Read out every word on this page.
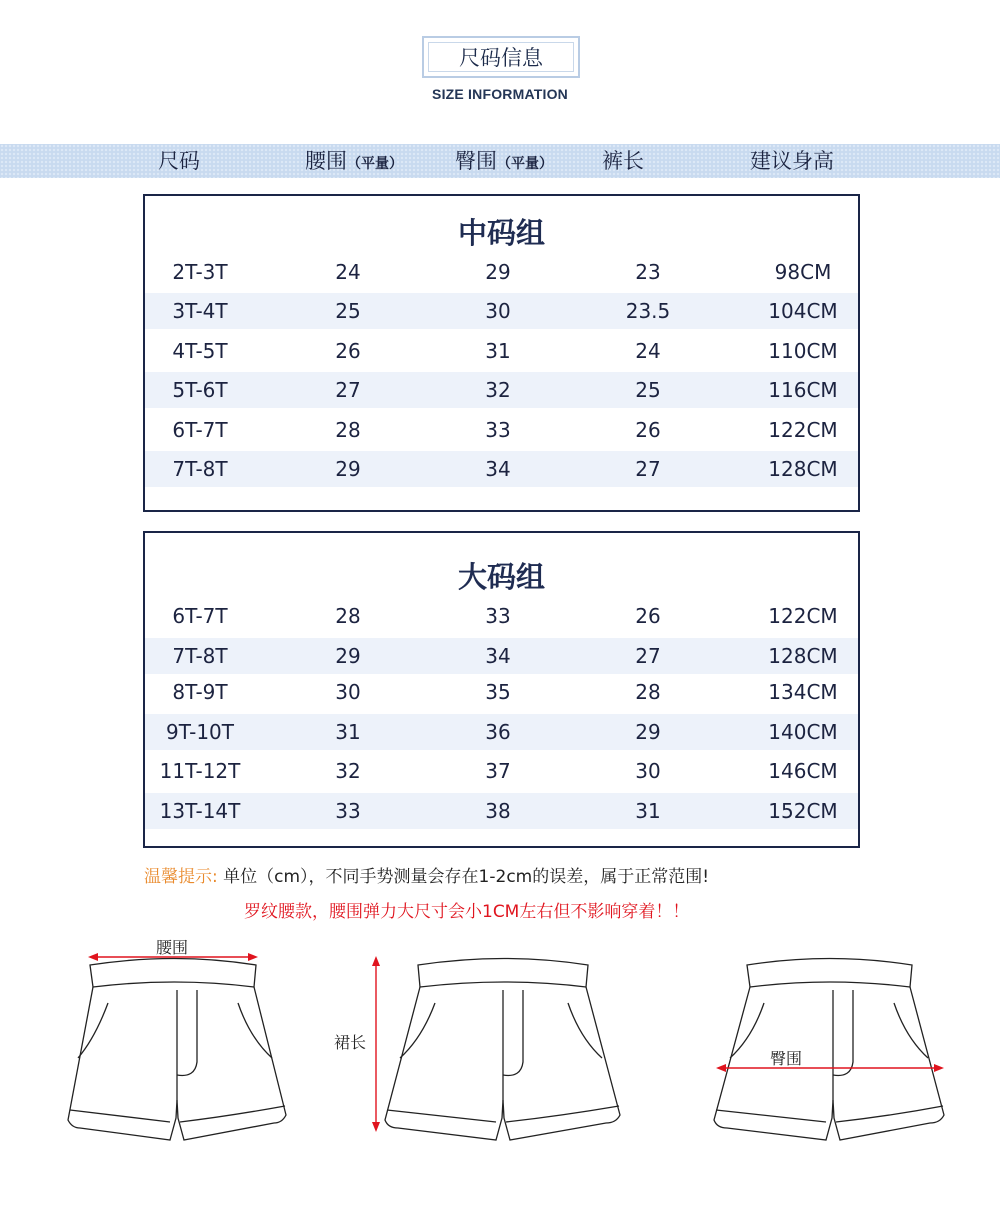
尺码信息
SIZE INFORMATION
尺码	腰围（平量） 臀围（平量） 裤长	建议身高
中码组
2T-3T	24	29	23	98CM
3T-4T	25	30	23.5	104CM
4T-5T	26	31	24	110CM
5T-6T	27	32	25	116CM
6T-7T	28	33	26	122CM
7T-8T	29	34	27	128CM
大码组
6T-7T	28	33	26	122CM
7T-8T	29	34	27	128CM
8T-9T	30	35	28	134CM
9T-10T	31	36	29	140CM
11T-12T	32	37	30	146CM
13T-14T	33	38	31	152CM
温馨提示: 单位（cm），不同手势测量会存在1-2cm的误差，属于正常范围!
罗纹腰款，腰围弹力大尺寸会小1CM左右但不影响穿着！！
腰围
裙长
臀围
